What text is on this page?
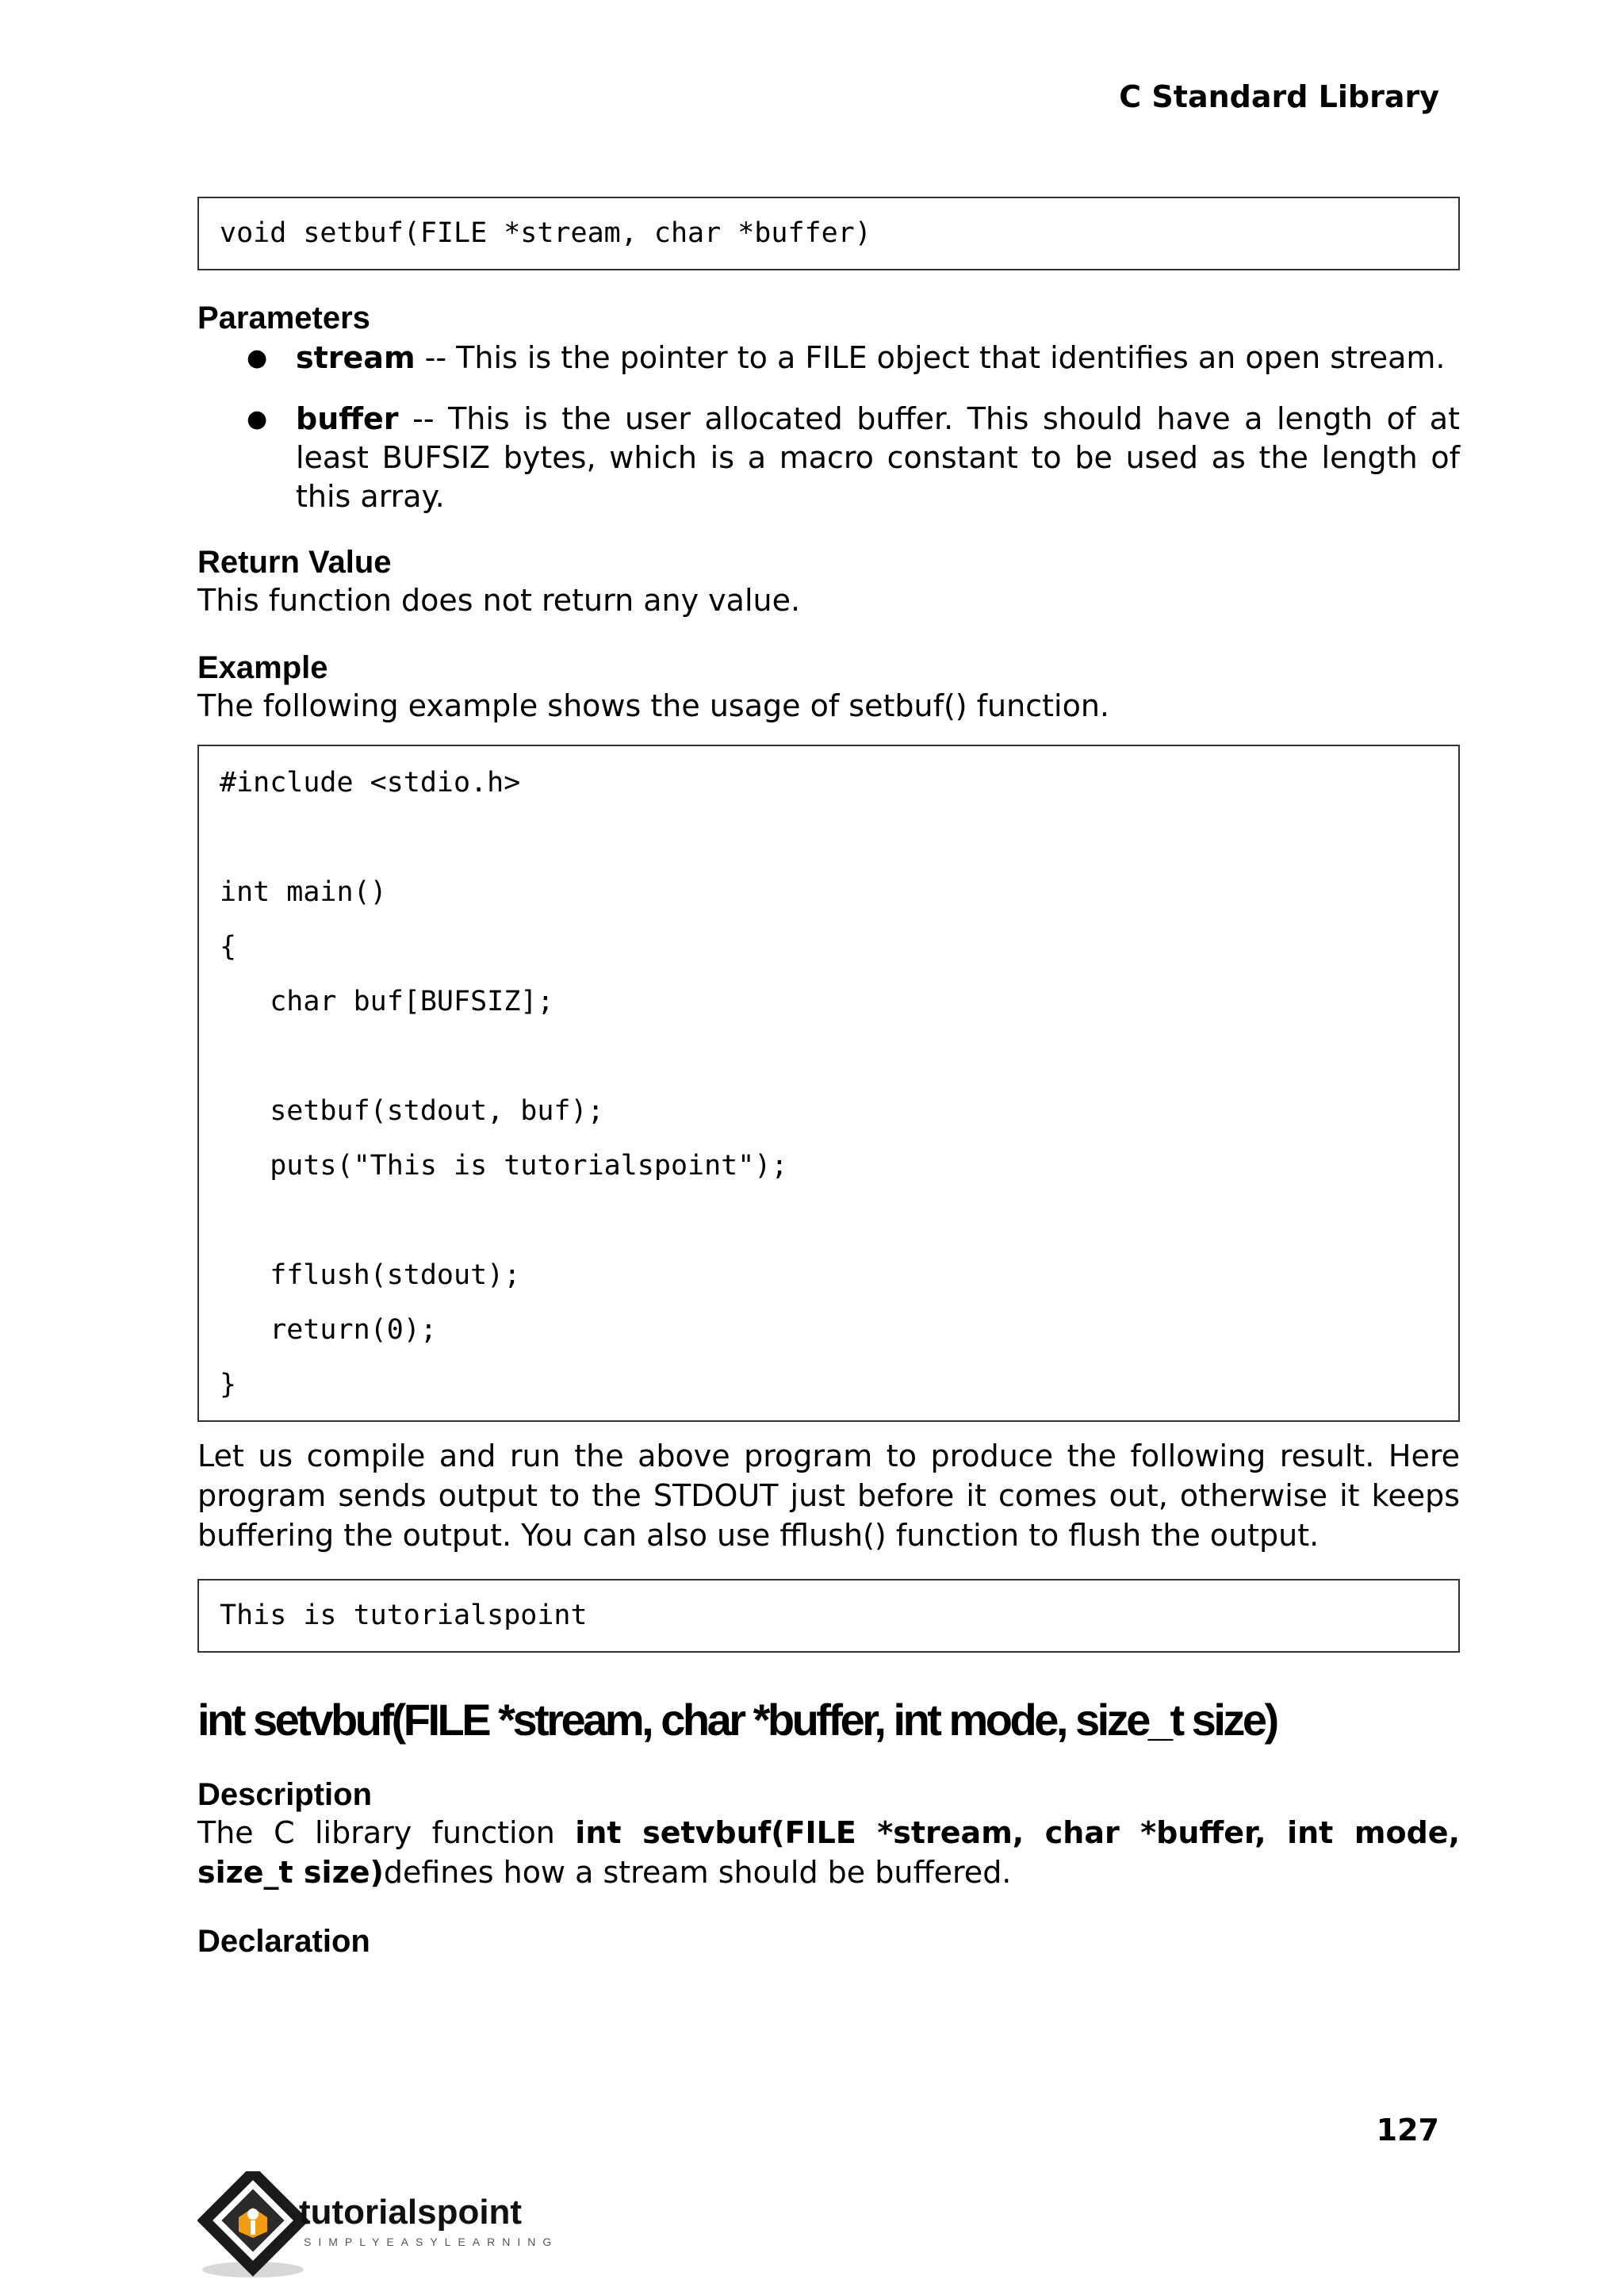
C Standard Library
void setbuf(FILE *stream, char *buffer)
Parameters
● stream -- This is the pointer to a FILE object that identifies an open stream.
● buffer -- This is the user allocated buffer. This should have a length of at least BUFSIZ bytes, which is a macro constant to be used as the length of this array.
Return Value

This function does not return any value.

Example

The following example shows the usage of setbuf() function.

#include <stdio.h>
int main()
{
char buf[BUFSIZ];
setbuf(stdout, buf);
puts("This is tutorialspoint");
fflush(stdout);
return(0);
}

Let us compile and run the above program to produce the following result. Here program sends output to the STDOUT just before it comes out, otherwise it keeps buffering the output. You can also use fflush() function to flush the output.

This is tutorialspoint
int setvbuf(FILE *stream, char *buffer, int mode, size_t size)
Description

The C library function int setvbuf(FILE *stream, char *buffer, int mode, size_t size)defines how a stream should be buffered.

Declaration
127
tutorialspoint
SIMPLYEASYLEARNING
